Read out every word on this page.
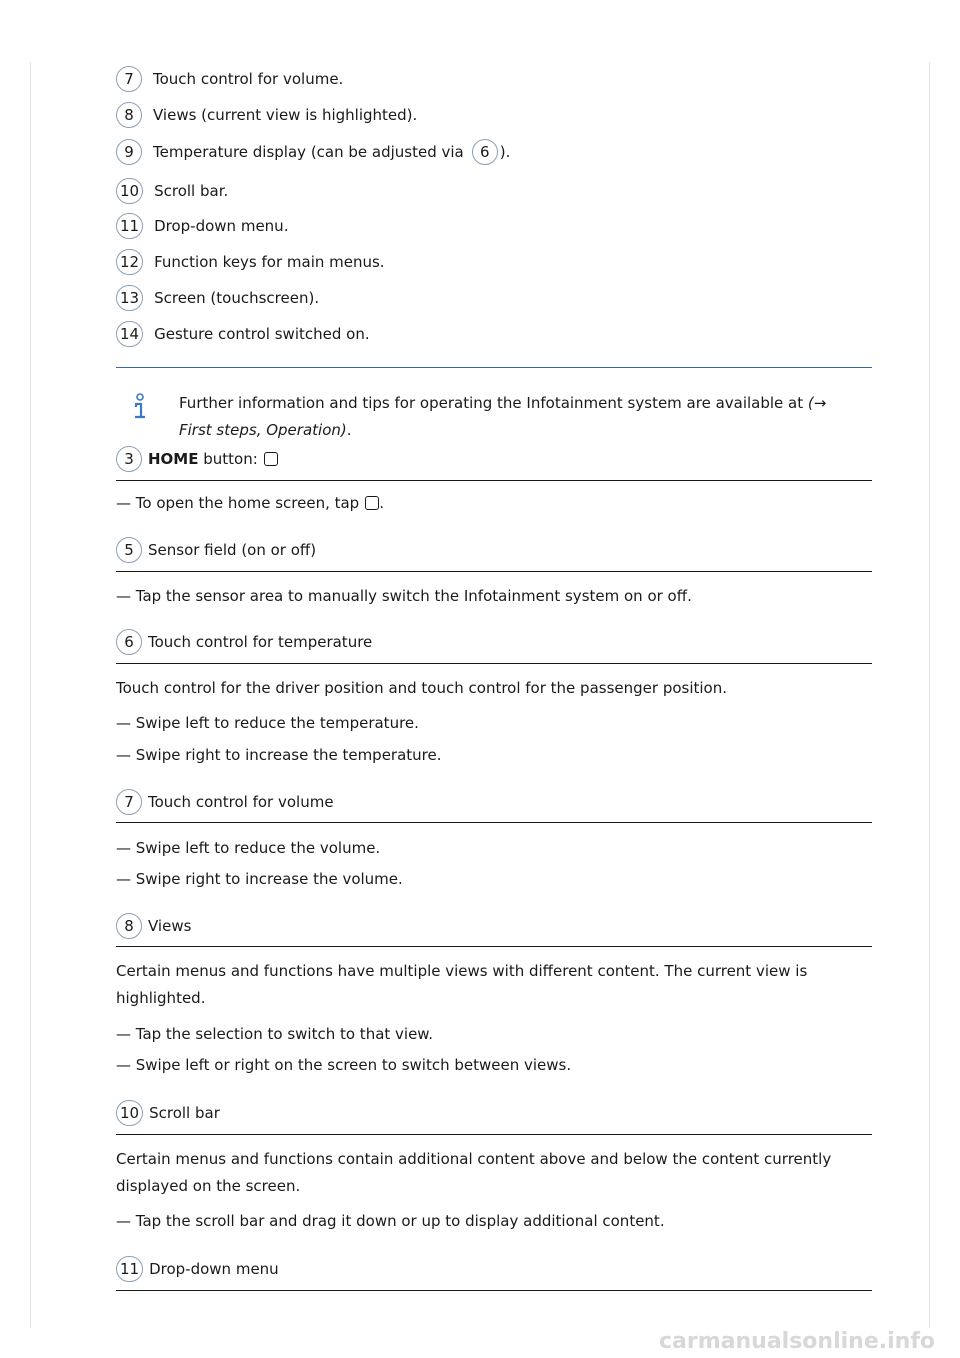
7	Touch control for volume.
8	Views (current view is highlighted).
9	Temperature display (can be adjusted via	6 ).
10 Scroll bar.
11 Drop-down menu.
12 Function keys for main menus.
13 Screen (touchscreen).
14 Gesture control switched on.
Further information and tips for operating the Infotainment system are available at (→
First steps, Operation).
3 HOME button:
— To open the home screen, tap .
5 Sensor field (on or off)
— Tap the sensor area to manually switch the Infotainment system on or off.
6 Touch control for temperature
Touch control for the driver position and touch control for the passenger position.
— Swipe left to reduce the temperature.
— Swipe right to increase the temperature.
7 Touch control for volume
— Swipe left to reduce the volume.
— Swipe right to increase the volume.
8 Views
Certain menus and functions have multiple views with different content. The current view is
highlighted.
— Tap the selection to switch to that view.
— Swipe left or right on the screen to switch between views.
10 Scroll bar
Certain menus and functions contain additional content above and below the content currently
displayed on the screen.
— Tap the scroll bar and drag it down or up to display additional content.
11 Drop-down menu
carmanualsonline.info
